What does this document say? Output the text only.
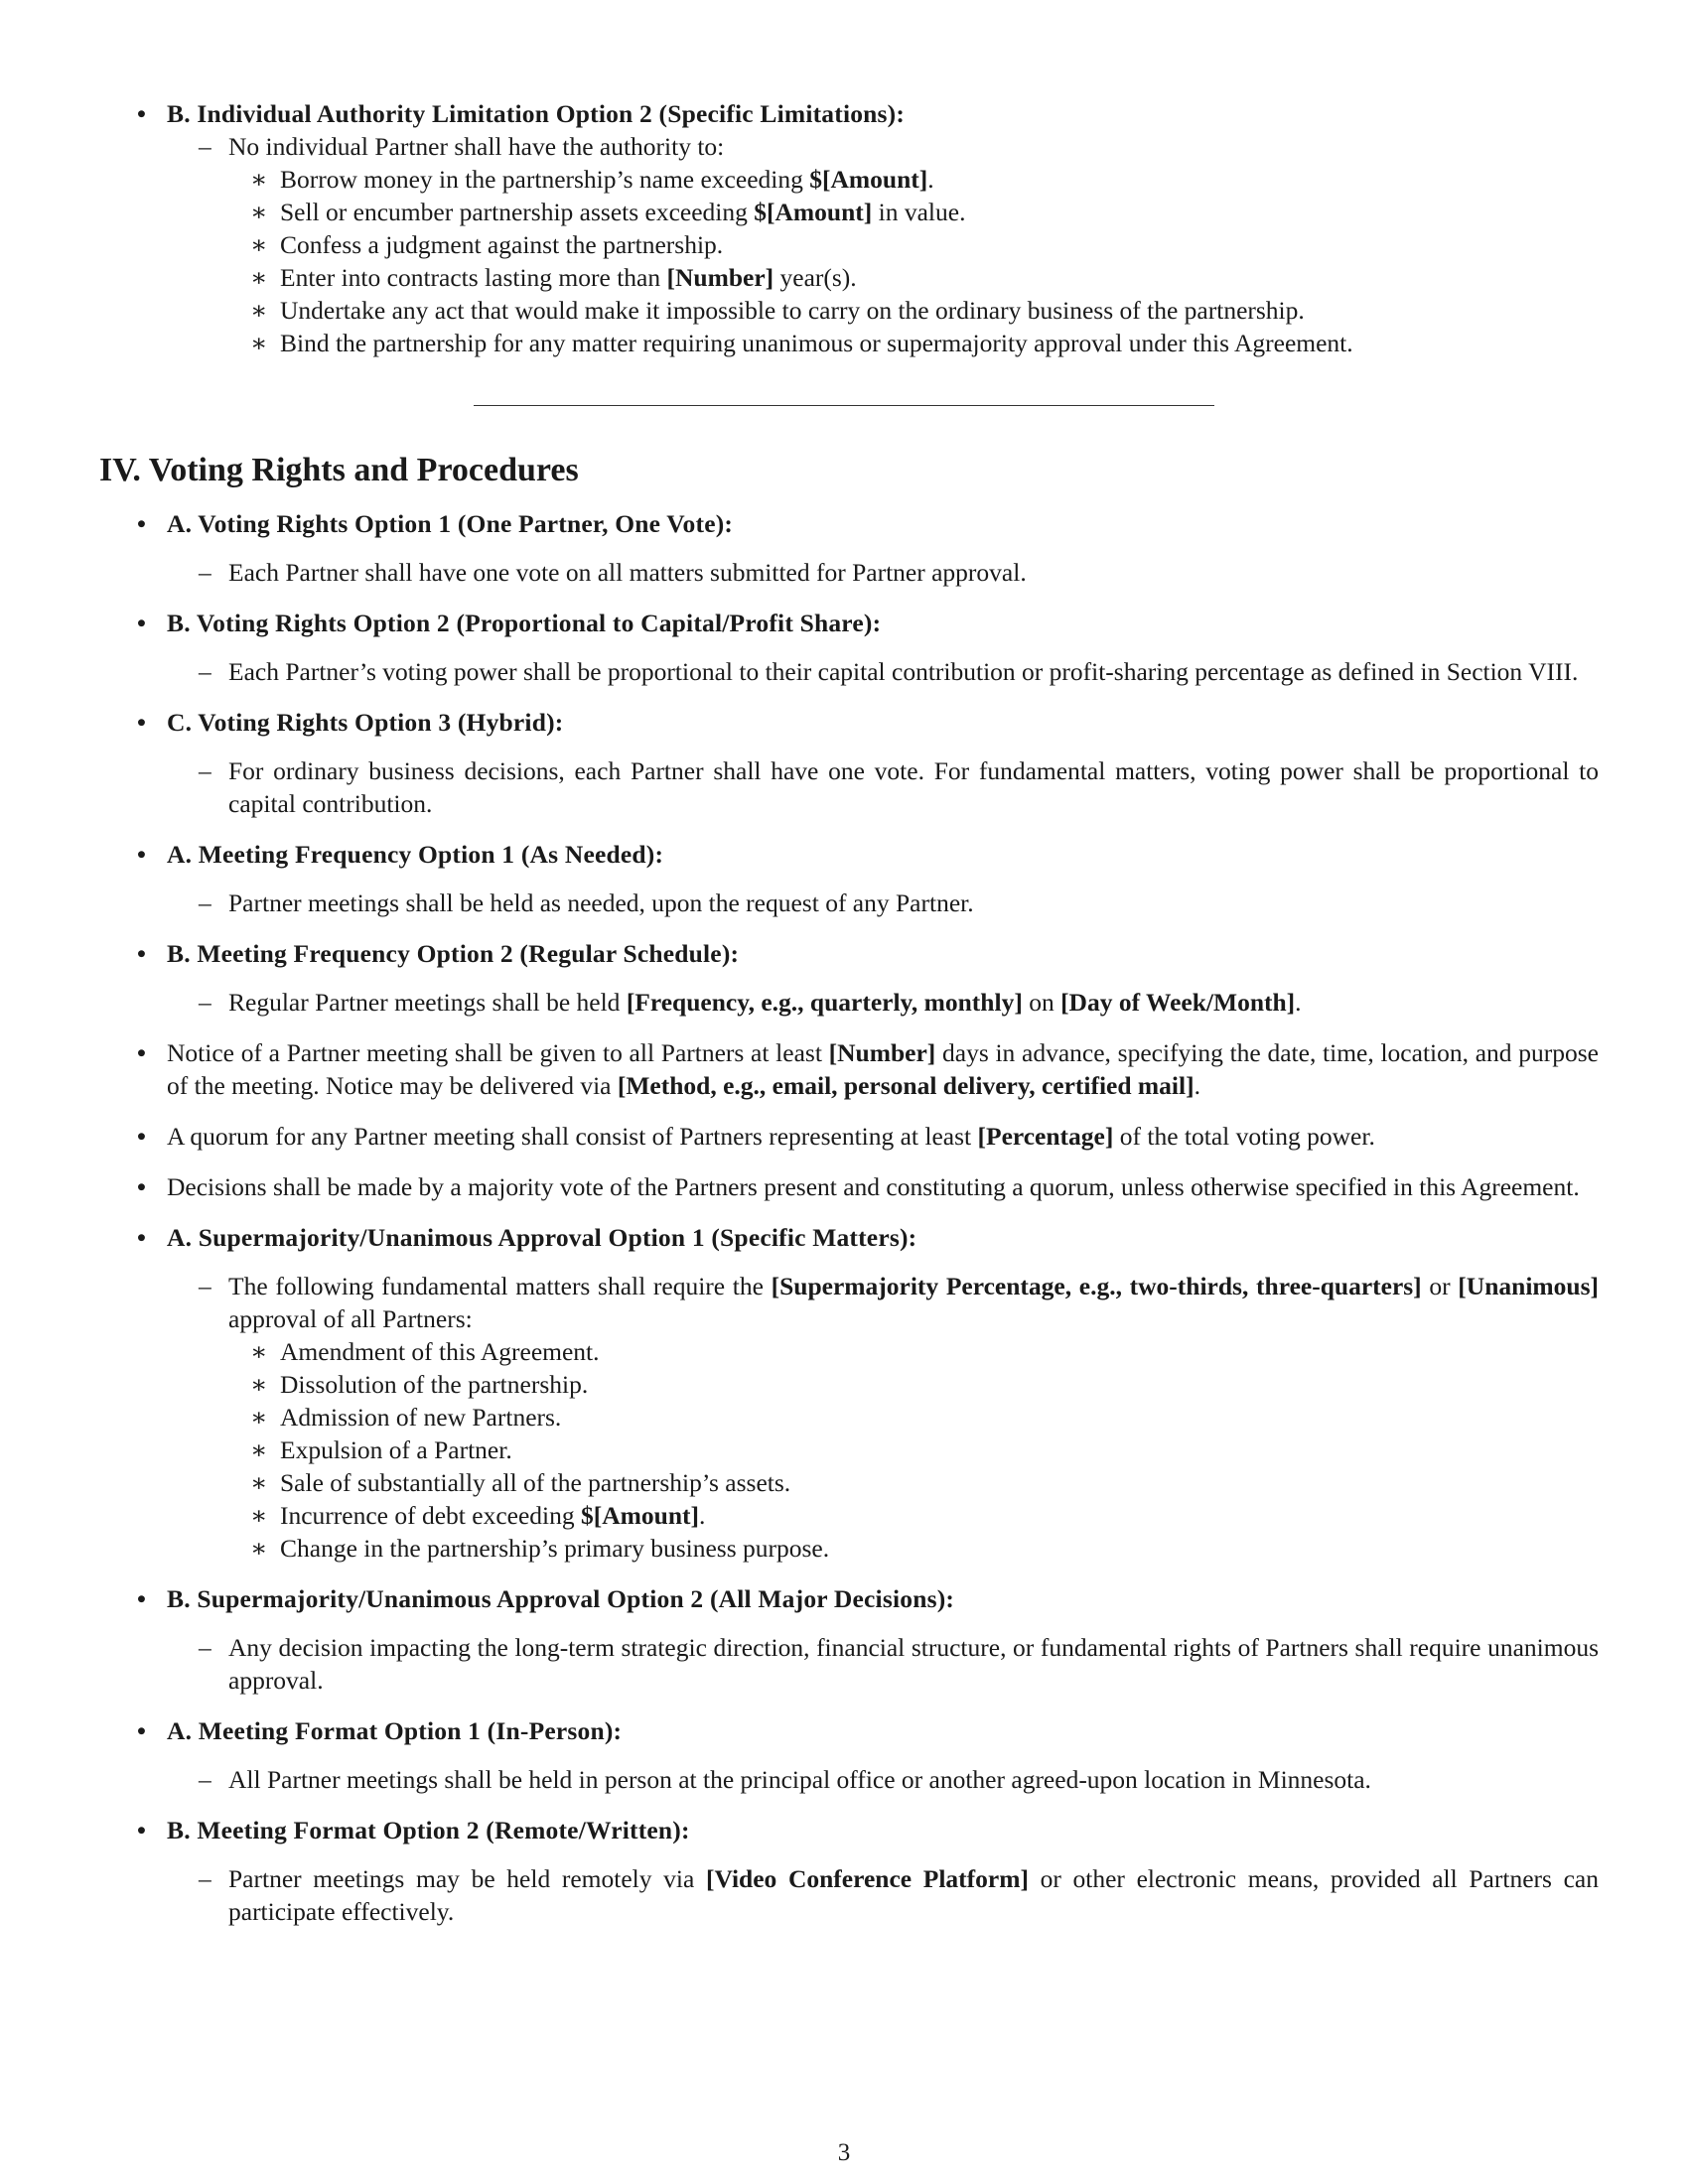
• B. Individual Authority Limitation Option 2 (Specific Limitations):
– No individual Partner shall have the authority to:
∗ Borrow money in the partnership’s name exceeding $[Amount].
∗ Sell or encumber partnership assets exceeding $[Amount] in value.
∗ Confess a judgment against the partnership.
∗ Enter into contracts lasting more than [Number] year(s).
∗ Undertake any act that would make it impossible to carry on the ordinary business of the partnership.
∗ Bind the partnership for any matter requiring unanimous or supermajority approval under this Agreement.
IV. Voting Rights and Procedures
• A. Voting Rights Option 1 (One Partner, One Vote):
– Each Partner shall have one vote on all matters submitted for Partner approval.
• B. Voting Rights Option 2 (Proportional to Capital/Profit Share):
– Each Partner’s voting power shall be proportional to their capital contribution or profit-sharing percentage as defined in Section VIII.
• C. Voting Rights Option 3 (Hybrid):
– For ordinary business decisions, each Partner shall have one vote. For fundamental matters, voting power shall be proportional to capital contribution.
• A. Meeting Frequency Option 1 (As Needed):
– Partner meetings shall be held as needed, upon the request of any Partner.
• B. Meeting Frequency Option 2 (Regular Schedule):
– Regular Partner meetings shall be held [Frequency, e.g., quarterly, monthly] on [Day of Week/Month].
• Notice of a Partner meeting shall be given to all Partners at least [Number] days in advance, specifying the date, time, location, and purpose of the meeting. Notice may be delivered via [Method, e.g., email, personal delivery, certified mail].
• A quorum for any Partner meeting shall consist of Partners representing at least [Percentage] of the total voting power.
• Decisions shall be made by a majority vote of the Partners present and constituting a quorum, unless otherwise specified in this Agreement.
• A. Supermajority/Unanimous Approval Option 1 (Specific Matters):
– The following fundamental matters shall require the [Supermajority Percentage, e.g., two-thirds, three-quarters] or [Unanimous] approval of all Partners:
∗ Amendment of this Agreement.
∗ Dissolution of the partnership.
∗ Admission of new Partners.
∗ Expulsion of a Partner.
∗ Sale of substantially all of the partnership’s assets.
∗ Incurrence of debt exceeding $[Amount].
∗ Change in the partnership’s primary business purpose.
• B. Supermajority/Unanimous Approval Option 2 (All Major Decisions):
– Any decision impacting the long-term strategic direction, financial structure, or fundamental rights of Partners shall require unanimous approval.
• A. Meeting Format Option 1 (In-Person):
– All Partner meetings shall be held in person at the principal office or another agreed-upon location in Minnesota.
• B. Meeting Format Option 2 (Remote/Written):
– Partner meetings may be held remotely via [Video Conference Platform] or other electronic means, provided all Partners can participate effectively.
3
